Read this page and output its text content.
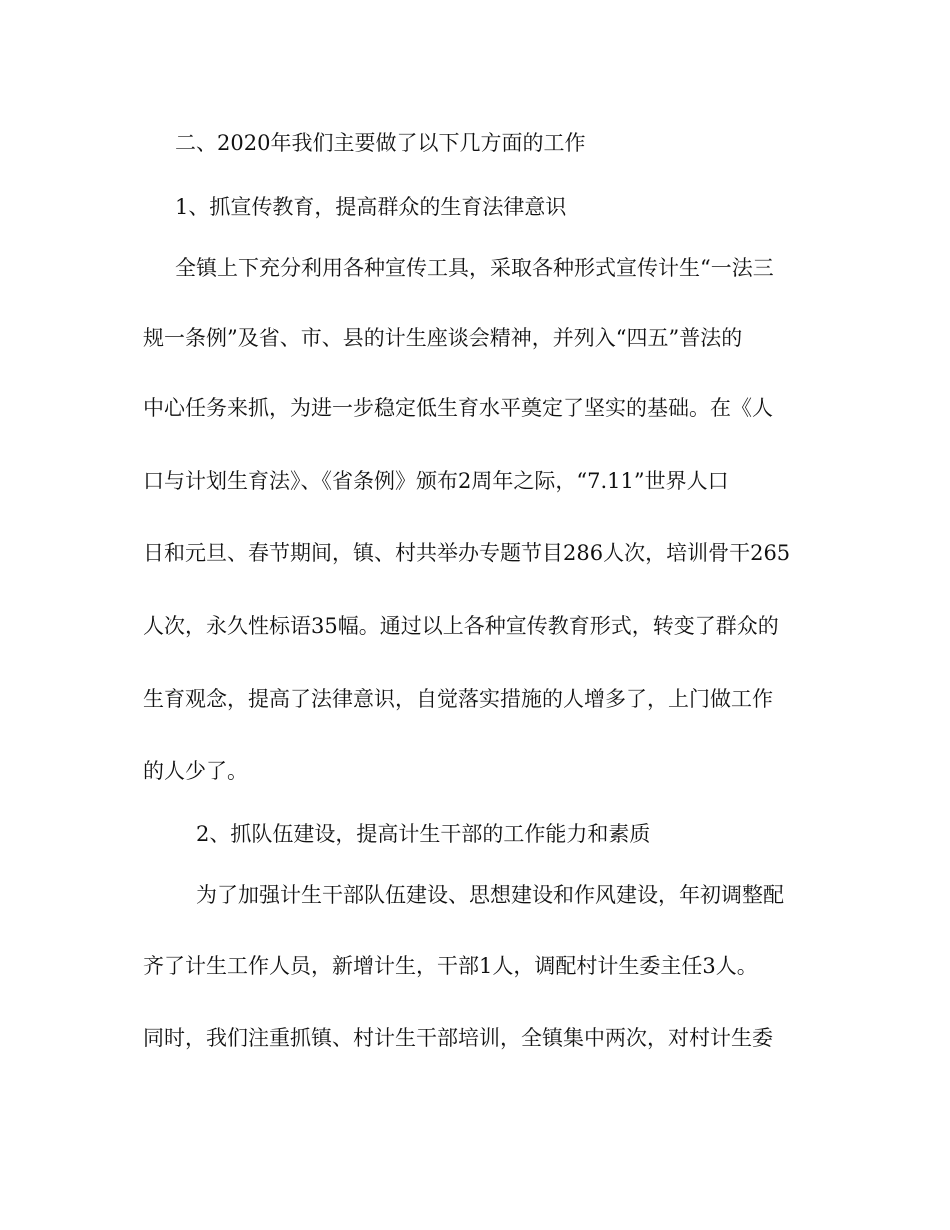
二、2020年我们主要做了以下几方面的工作
1、抓宣传教育，提高群众的生育法律意识
全镇上下充分利用各种宣传工具，采取各种形式宣传计生“一法三
规一条例”及省、市、县的计生座谈会精神，并列入“四五”普法的
中心任务来抓，为进一步稳定低生育水平奠定了坚实的基础。在《人
口与计划生育法》、《省条例》颁布2周年之际，“7.11”世界人口
日和元旦、春节期间，镇、村共举办专题节目286人次，培训骨干265
人次，永久性标语35幅。通过以上各种宣传教育形式，转变了群众的
生育观念，提高了法律意识，自觉落实措施的人增多了，上门做工作
的人少了。
2、抓队伍建设，提高计生干部的工作能力和素质
为了加强计生干部队伍建设、思想建设和作风建设，年初调整配
齐了计生工作人员，新增计生，干部1人，调配村计生委主任3人。
同时，我们注重抓镇、村计生干部培训，全镇集中两次，对村计生委
